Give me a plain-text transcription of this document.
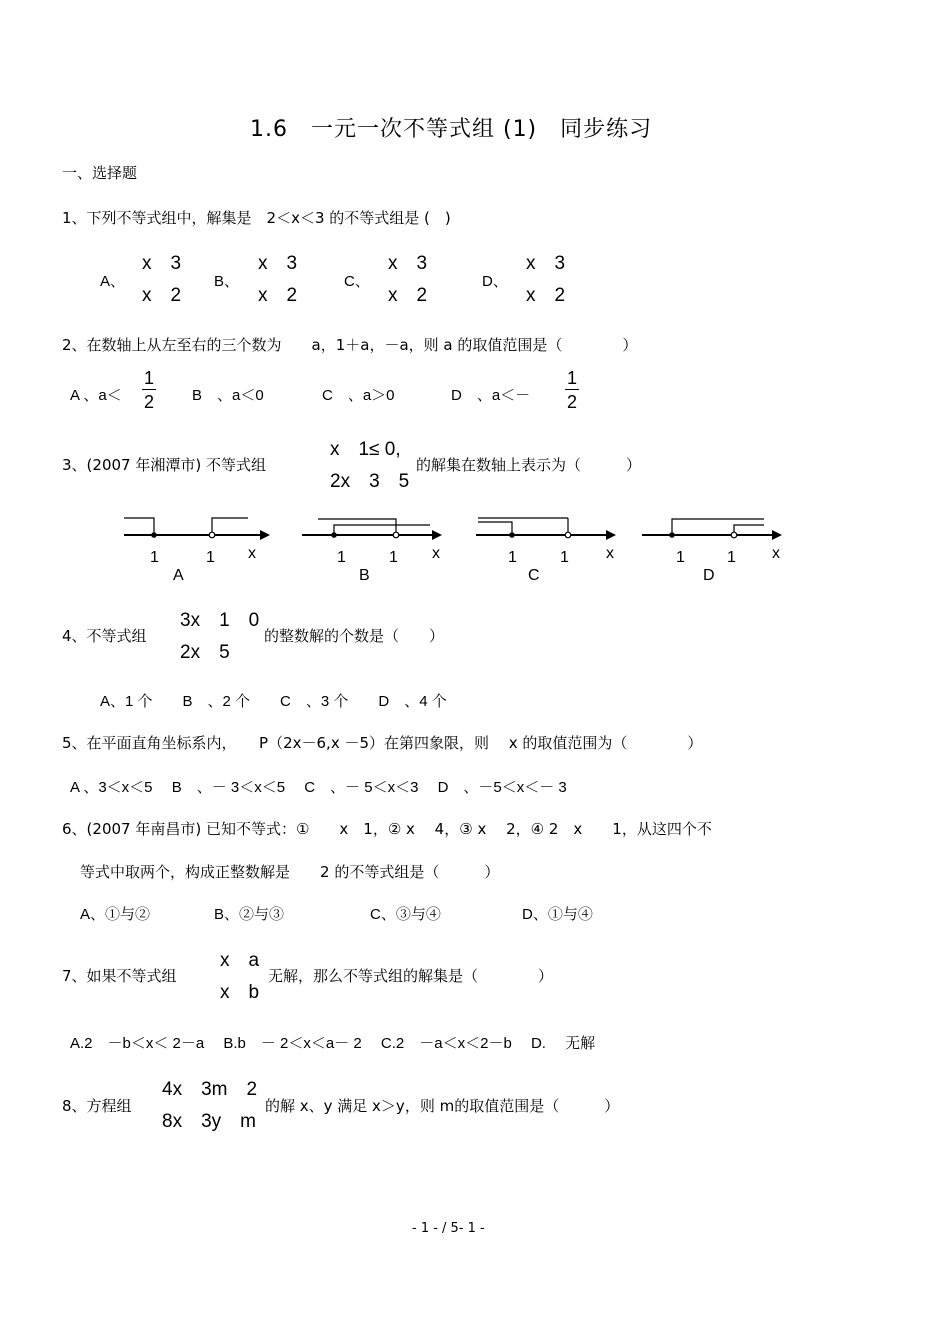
1.6　一元一次不等式组 (1)　同步练习
一、选择题
1、下列不等式组中，解集是　2＜x＜3 的不等式组是 (　)
A、
x　3
x　2
B、
x　3
x　2
C、
x　3
x　2
D、
x　3
x　2
2、在数轴上从左至右的三个数为　　a，1＋a，－a，则 a 的取值范围是（　　　　）
A 、a＜
1
2	B　、a＜0	C　、a＞0	D　、a＜－
1
2
3、(2007 年湘潭市) 不等式组
x　1≤ 0,
2x　3　5
的解集在数轴上表示为（　　　）
1	1 x
A
1	1 x
B
1	1 x
C
1	1 x
D
4、不等式组
3x　1　0
2x　5
的整数解的个数是（　　）
A、1 个　　B　、2 个　　C　、3 个　　D　、4 个
5、在平面直角坐标系内，　　P（2x－6,x －5）在第四象限，则　 x 的取值范围为（　　　　）
A 、3＜x＜5　 B　、－ 3＜x＜5　 C　、－ 5＜x＜3　 D　、－5＜x＜－ 3
6、(2007 年南昌市) 已知不等式：①　　x　1，② x　 4，③ x　 2，④ 2　x　　1，从这四个不
等式中取两个，构成正整数解是　　2 的不等式组是（　　　）
A、①与②	B、②与③	C、③与④	D、①与④
7、如果不等式组
x　a
x　b
无解，那么不等式组的解集是（　　　　）
A.2　－b＜x＜ 2－a　 B.b　－ 2＜x＜a－ 2　 C.2　－a＜x＜2－b　 D.　 无解
8、方程组
4x　3m　2
8x　3y　m
的解 x、y 满足 x＞y，则 m的取值范围是（　　　）
- 1 - / 5- 1 -
